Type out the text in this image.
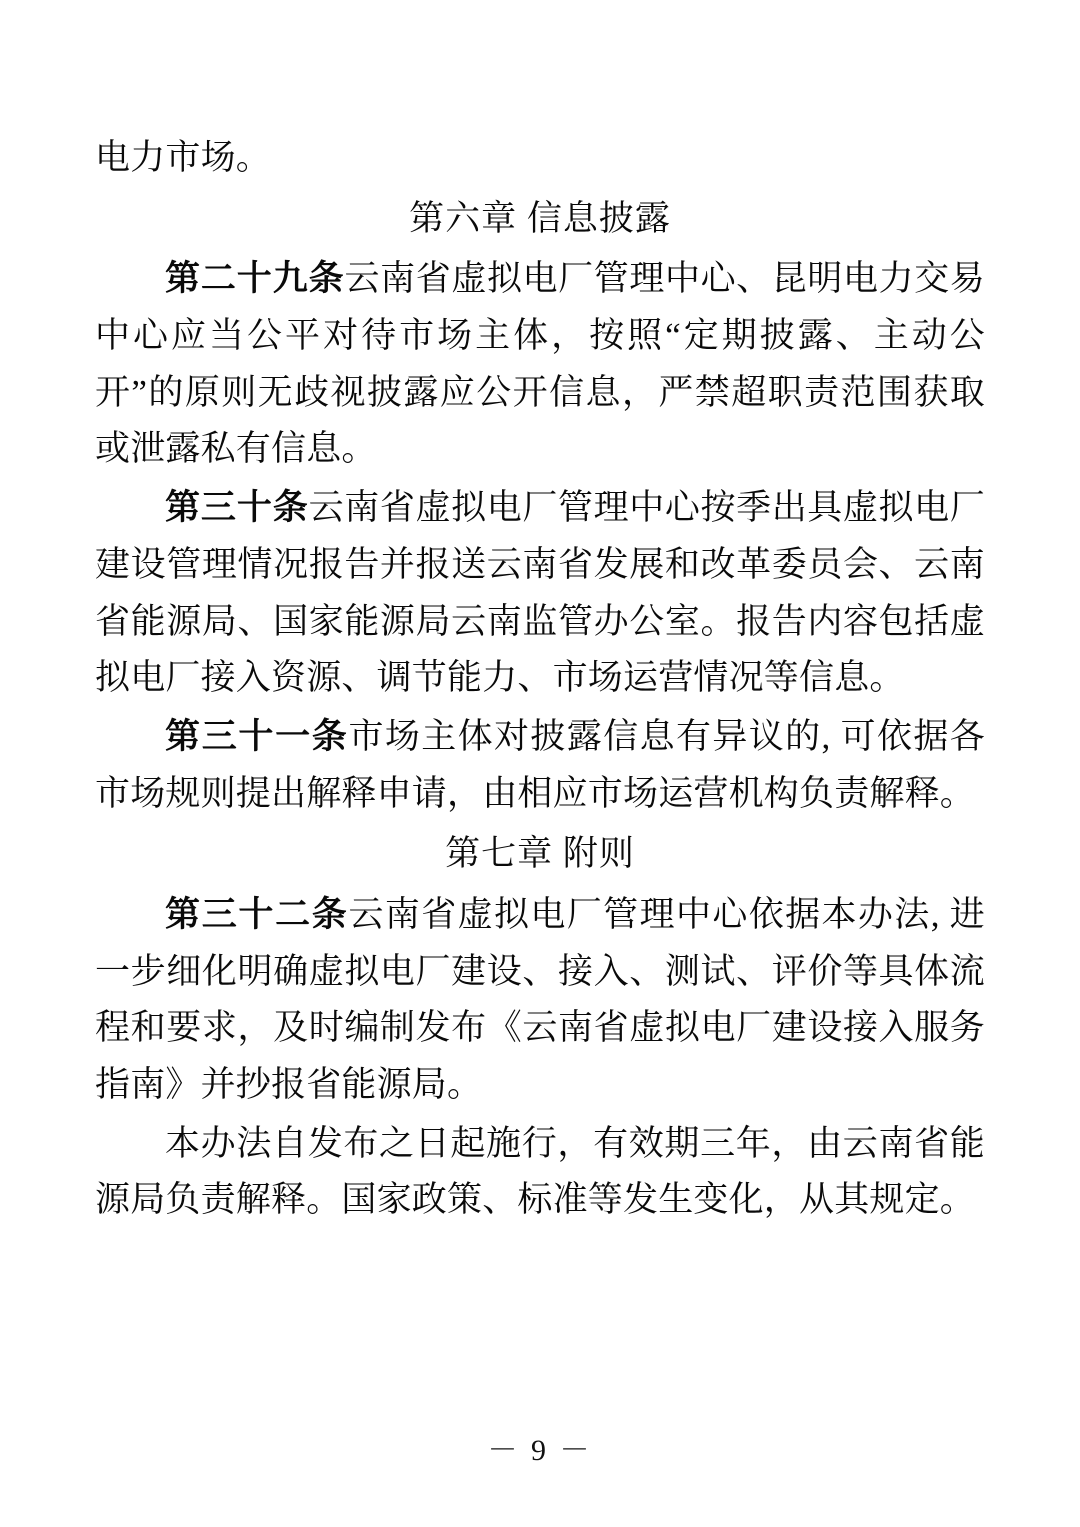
电力市场。

第六章 信息披露

第二十九条云南省虚拟电厂管理中心、昆明电力交易中心应当公平对待市场主体，按照“定期披露、主动公开”的原则无歧视披露应公开信息，严禁超职责范围获取或泄露私有信息。

第三十条云南省虚拟电厂管理中心按季出具虚拟电厂建设管理情况报告并报送云南省发展和改革委员会、云南省能源局、国家能源局云南监管办公室。报告内容包括虚拟电厂接入资源、调节能力、市场运营情况等信息。

第三十一条市场主体对披露信息有异议的, 可依据各市场规则提出解释申请，由相应市场运营机构负责解释。

第七章 附则

第三十二条云南省虚拟电厂管理中心依据本办法, 进一步细化明确虚拟电厂建设、接入、测试、评价等具体流程和要求，及时编制发布《云南省虚拟电厂建设接入服务指南》并抄报省能源局。

本办法自发布之日起施行，有效期三年，由云南省能源局负责解释。国家政策、标准等发生变化，从其规定。

－ 9 －
